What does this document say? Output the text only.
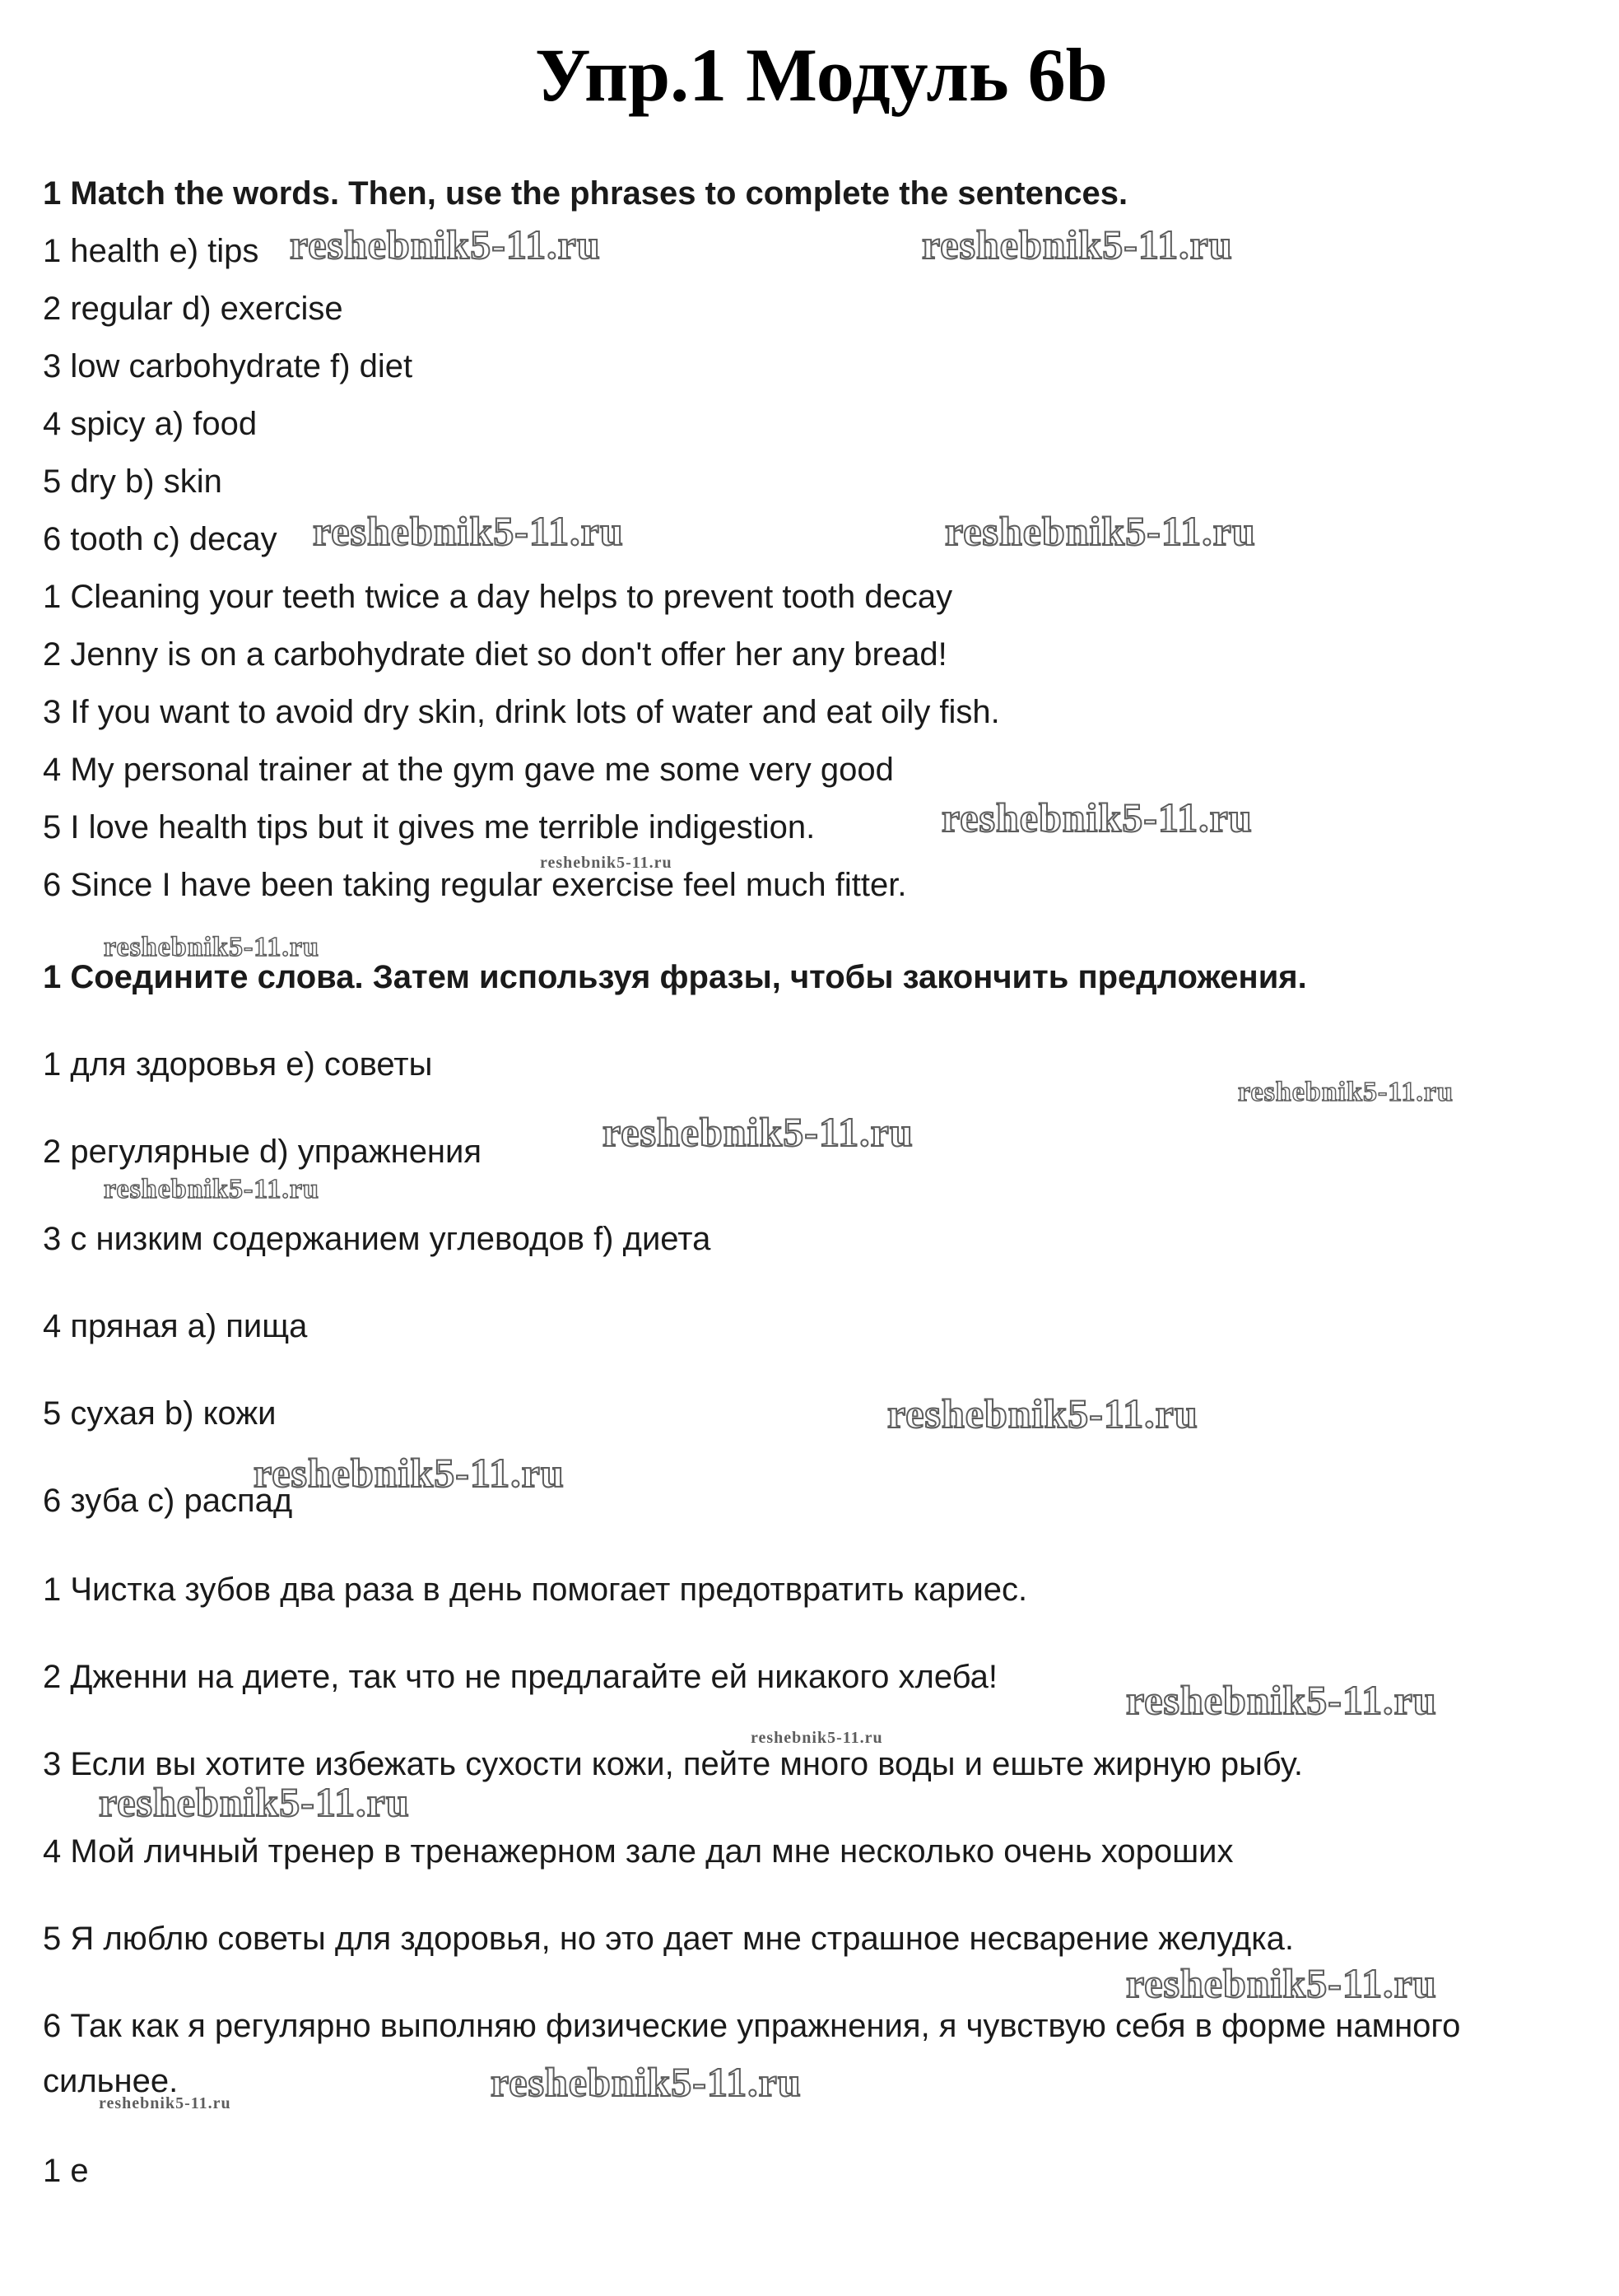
Упр.1 Модуль 6b
1 Match the words. Then, use the phrases to complete the sentences.
1 health e) tips
2 regular d) exercise
3 low carbohydrate f) diet
4 spicy a) food
5 dry b) skin
6 tooth c) decay
1 Cleaning your teeth twice a day helps to prevent tooth decay
2 Jenny is on a carbohydrate diet so don't offer her any bread!
3 If you want to avoid dry skin, drink lots of water and eat oily fish.
4 My personal trainer at the gym gave me some very good
5 I love health tips but it gives me terrible indigestion.
6 Since I have been taking regular exercise feel much fitter.
1 Соедините слова. Затем используя фразы, чтобы закончить предложения.
1 для здоровья e) советы
2 регулярные d) упражнения
3 с низким содержанием углеводов f) диета
4 пряная a) пища
5 сухая b) кожи
6 зуба c) распад
1 Чистка зубов два раза в день помогает предотвратить кариес.
2 Дженни на диете, так что не предлагайте ей никакого хлеба!
3 Если вы хотите избежать сухости кожи, пейте много воды и ешьте жирную рыбу.
4 Мой личный тренер в тренажерном зале дал мне несколько очень хороших
5 Я люблю советы для здоровья, но это дает мне страшное несварение желудка.
6 Так как я регулярно выполняю физические упражнения, я чувствую себя в форме намного
сильнее.
1 e
reshebnik5-11.ru	reshebnik5-11.ru
reshebnik5-11.ru	reshebnik5-11.ru
reshebnik5-11.ru
reshebnik5-11.ru
reshebnik5-11.ru
reshebnik5-11.ru
reshebnik5-11.ru
reshebnik5-11.ru
reshebnik5-11.ru
reshebnik5-11.ru
reshebnik5-11.ru
reshebnik5-11.ru
reshebnik5-11.ru
reshebnik5-11.ru
reshebnik5-11.ru
reshebnik5-11.ru
